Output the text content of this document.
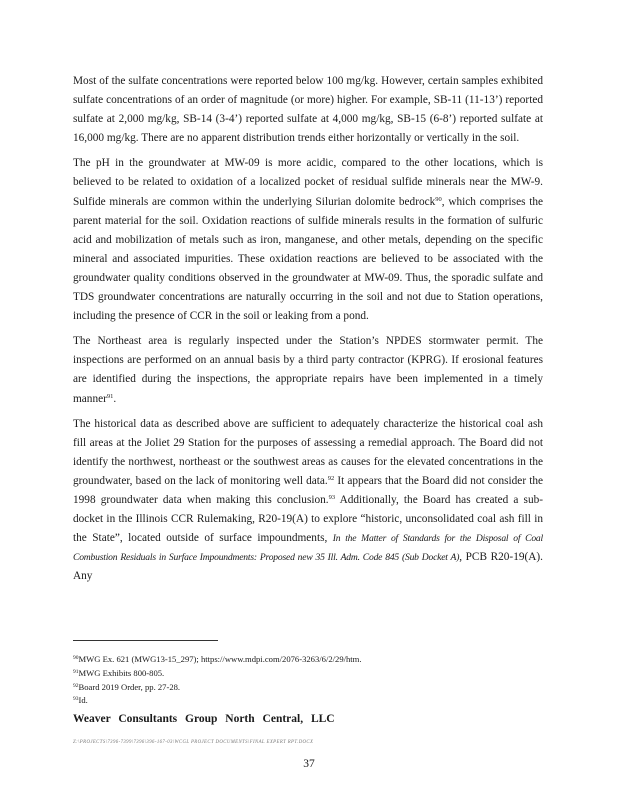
Most of the sulfate concentrations were reported below 100 mg/kg. However, certain samples exhibited sulfate concentrations of an order of magnitude (or more) higher. For example, SB-11 (11-13’) reported sulfate at 2,000 mg/kg, SB-14 (3-4’) reported sulfate at 4,000 mg/kg, SB-15 (6-8’) reported sulfate at 16,000 mg/kg. There are no apparent distribution trends either horizontally or vertically in the soil.

The pH in the groundwater at MW-09 is more acidic, compared to the other locations, which is believed to be related to oxidation of a localized pocket of residual sulfide minerals near the MW-9. Sulfide minerals are common within the underlying Silurian dolomite bedrock$^{90}$, which comprises the parent material for the soil. Oxidation reactions of sulfide minerals results in the formation of sulfuric acid and mobilization of metals such as iron, manganese, and other metals, depending on the specific mineral and associated impurities. These oxidation reactions are believed to be associated with the groundwater quality conditions observed in the groundwater at MW-09. Thus, the sporadic sulfate and TDS groundwater concentrations are naturally occurring in the soil and not due to Station operations, including the presence of CCR in the soil or leaking from a pond.

The Northeast area is regularly inspected under the Station’s NPDES stormwater permit. The inspections are performed on an annual basis by a third party contractor (KPRG). If erosional features are identified during the inspections, the appropriate repairs have been implemented in a timely manner$^{91}$.

The historical data as described above are sufficient to adequately characterize the historical coal ash fill areas at the Joliet 29 Station for the purposes of assessing a remedial approach. The Board did not identify the northwest, northeast or the southwest areas as causes for the elevated concentrations in the groundwater, based on the lack of monitoring well data.$^{92}$ It appears that the Board did not consider the 1998 groundwater data when making this conclusion.$^{93}$ Additionally, the Board has created a sub-docket in the Illinois CCR Rulemaking, R20-19(A) to explore “historic, unconsolidated coal ash fill in the State”, located outside of surface impoundments, In the Matter of Standards for the Disposal of Coal Combustion Residuals in Surface Impoundments: Proposed new 35 Ill. Adm. Code 845 (Sub Docket A), PCB R20-19(A). Any

$^{90}$MWG Ex. 621 (MWG13-15_297); https://www.mdpi.com/2076-3263/6/2/29/htm.
$^{91}$MWG Exhibits 800-805.
$^{92}$Board 2019 Order, pp. 27-28.
$^{93}$Id.
Weaver Consultants Group North Central, LLC
Z:\PROJECTS\7396-7399\7396\396-167-03\WCGL PROJECT DOCUMENTS\FINAL EXPERT RPT.DOCX
37
